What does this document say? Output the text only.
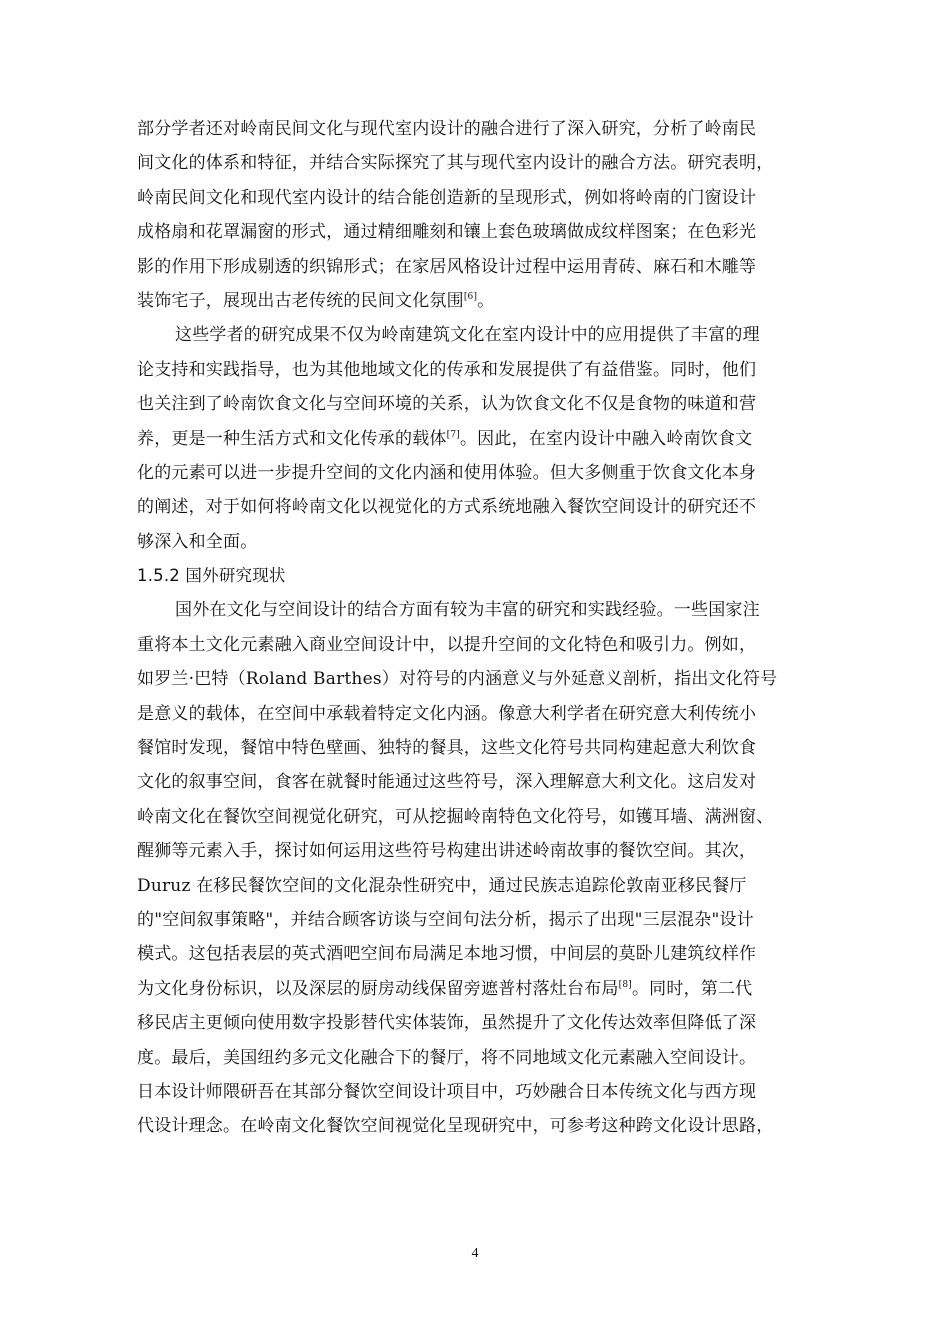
部分学者还对岭南民间文化与现代室内设计的融合进行了深入研究，分析了岭南民
间文化的体系和特征，并结合实际探究了其与现代室内设计的融合方法。研究表明，
岭南民间文化和现代室内设计的结合能创造新的呈现形式，例如将岭南的门窗设计
成格扇和花罩漏窗的形式，通过精细雕刻和镶上套色玻璃做成纹样图案；在色彩光
影的作用下形成剔透的织锦形式；在家居风格设计过程中运用青砖、麻石和木雕等
装饰宅子，展现出古老传统的民间文化氛围[6]。
这些学者的研究成果不仅为岭南建筑文化在室内设计中的应用提供了丰富的理
论支持和实践指导，也为其他地域文化的传承和发展提供了有益借鉴。同时，他们
也关注到了岭南饮食文化与空间环境的关系，认为饮食文化不仅是食物的味道和营
养，更是一种生活方式和文化传承的载体[7]。因此，在室内设计中融入岭南饮食文
化的元素可以进一步提升空间的文化内涵和使用体验。但大多侧重于饮食文化本身
的阐述，对于如何将岭南文化以视觉化的方式系统地融入餐饮空间设计的研究还不
够深入和全面。
1.5.2 国外研究现状
国外在文化与空间设计的结合方面有较为丰富的研究和实践经验。一些国家注
重将本土文化元素融入商业空间设计中，以提升空间的文化特色和吸引力。例如，
如罗兰·巴特（Roland Barthes）对符号的内涵意义与外延意义剖析，指出文化符号
是意义的载体，在空间中承载着特定文化内涵。像意大利学者在研究意大利传统小
餐馆时发现，餐馆中特色壁画、独特的餐具，这些文化符号共同构建起意大利饮食
文化的叙事空间，食客在就餐时能通过这些符号，深入理解意大利文化。这启发对
岭南文化在餐饮空间视觉化研究，可从挖掘岭南特色文化符号，如镬耳墙、满洲窗、
醒狮等元素入手，探讨如何运用这些符号构建出讲述岭南故事的餐饮空间。其次，
Duruz 在移民餐饮空间的文化混杂性研究中，通过民族志追踪伦敦南亚移民餐厅
的"空间叙事策略"，并结合顾客访谈与空间句法分析，揭示了出现"三层混杂"设计
模式。这包括表层的英式酒吧空间布局满足本地习惯，中间层的莫卧儿建筑纹样作
为文化身份标识，以及深层的厨房动线保留旁遮普村落灶台布局[8]。同时，第二代
移民店主更倾向使用数字投影替代实体装饰，虽然提升了文化传达效率但降低了深
度。最后，美国纽约多元文化融合下的餐厅，将不同地域文化元素融入空间设计。
日本设计师隈研吾在其部分餐饮空间设计项目中，巧妙融合日本传统文化与西方现
代设计理念。在岭南文化餐饮空间视觉化呈现研究中，可参考这种跨文化设计思路，
4
